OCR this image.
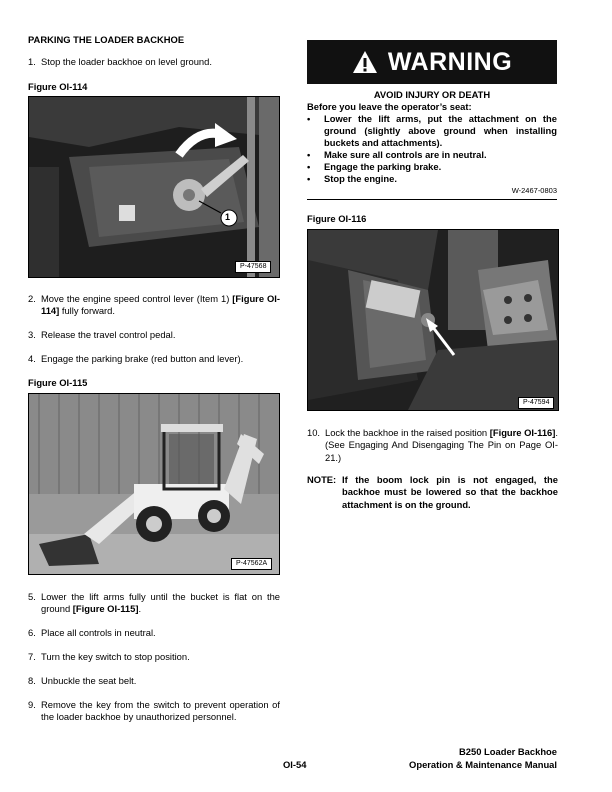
PARKING THE LOADER BACKHOE
1. Stop the loader backhoe on level ground.
Figure OI-114
1
P-47568
2. Move the engine speed control lever (Item 1) [Figure OI-114] fully forward.
3. Release the travel control pedal.
4. Engage the parking brake (red button and lever).
Figure OI-115
P-47562A
5. Lower the lift arms fully until the bucket is flat on the ground [Figure OI-115].
6. Place all controls in neutral.
7. Turn the key switch to stop position.
8. Unbuckle the seat belt.
9. Remove the key from the switch to prevent operation of the loader backhoe by unauthorized personnel.
WARNING
AVOID INJURY OR DEATH
Before you leave the operator’s seat:
• Lower the lift arms, put the attachment on the ground (slightly above ground when installing buckets and attachments).
• Make sure all controls are in neutral.
• Engage the parking brake.
• Stop the engine.
W-2467-0803
Figure OI-116
P-47594
10. Lock the backhoe in the raised position [Figure OI-116]. (See Engaging And Disengaging The Pin on Page OI-21.)
NOTE: If the boom lock pin is not engaged, the backhoe must be lowered so that the backhoe attachment is on the ground.
OI-54
B250 Loader Backhoe
Operation & Maintenance Manual
